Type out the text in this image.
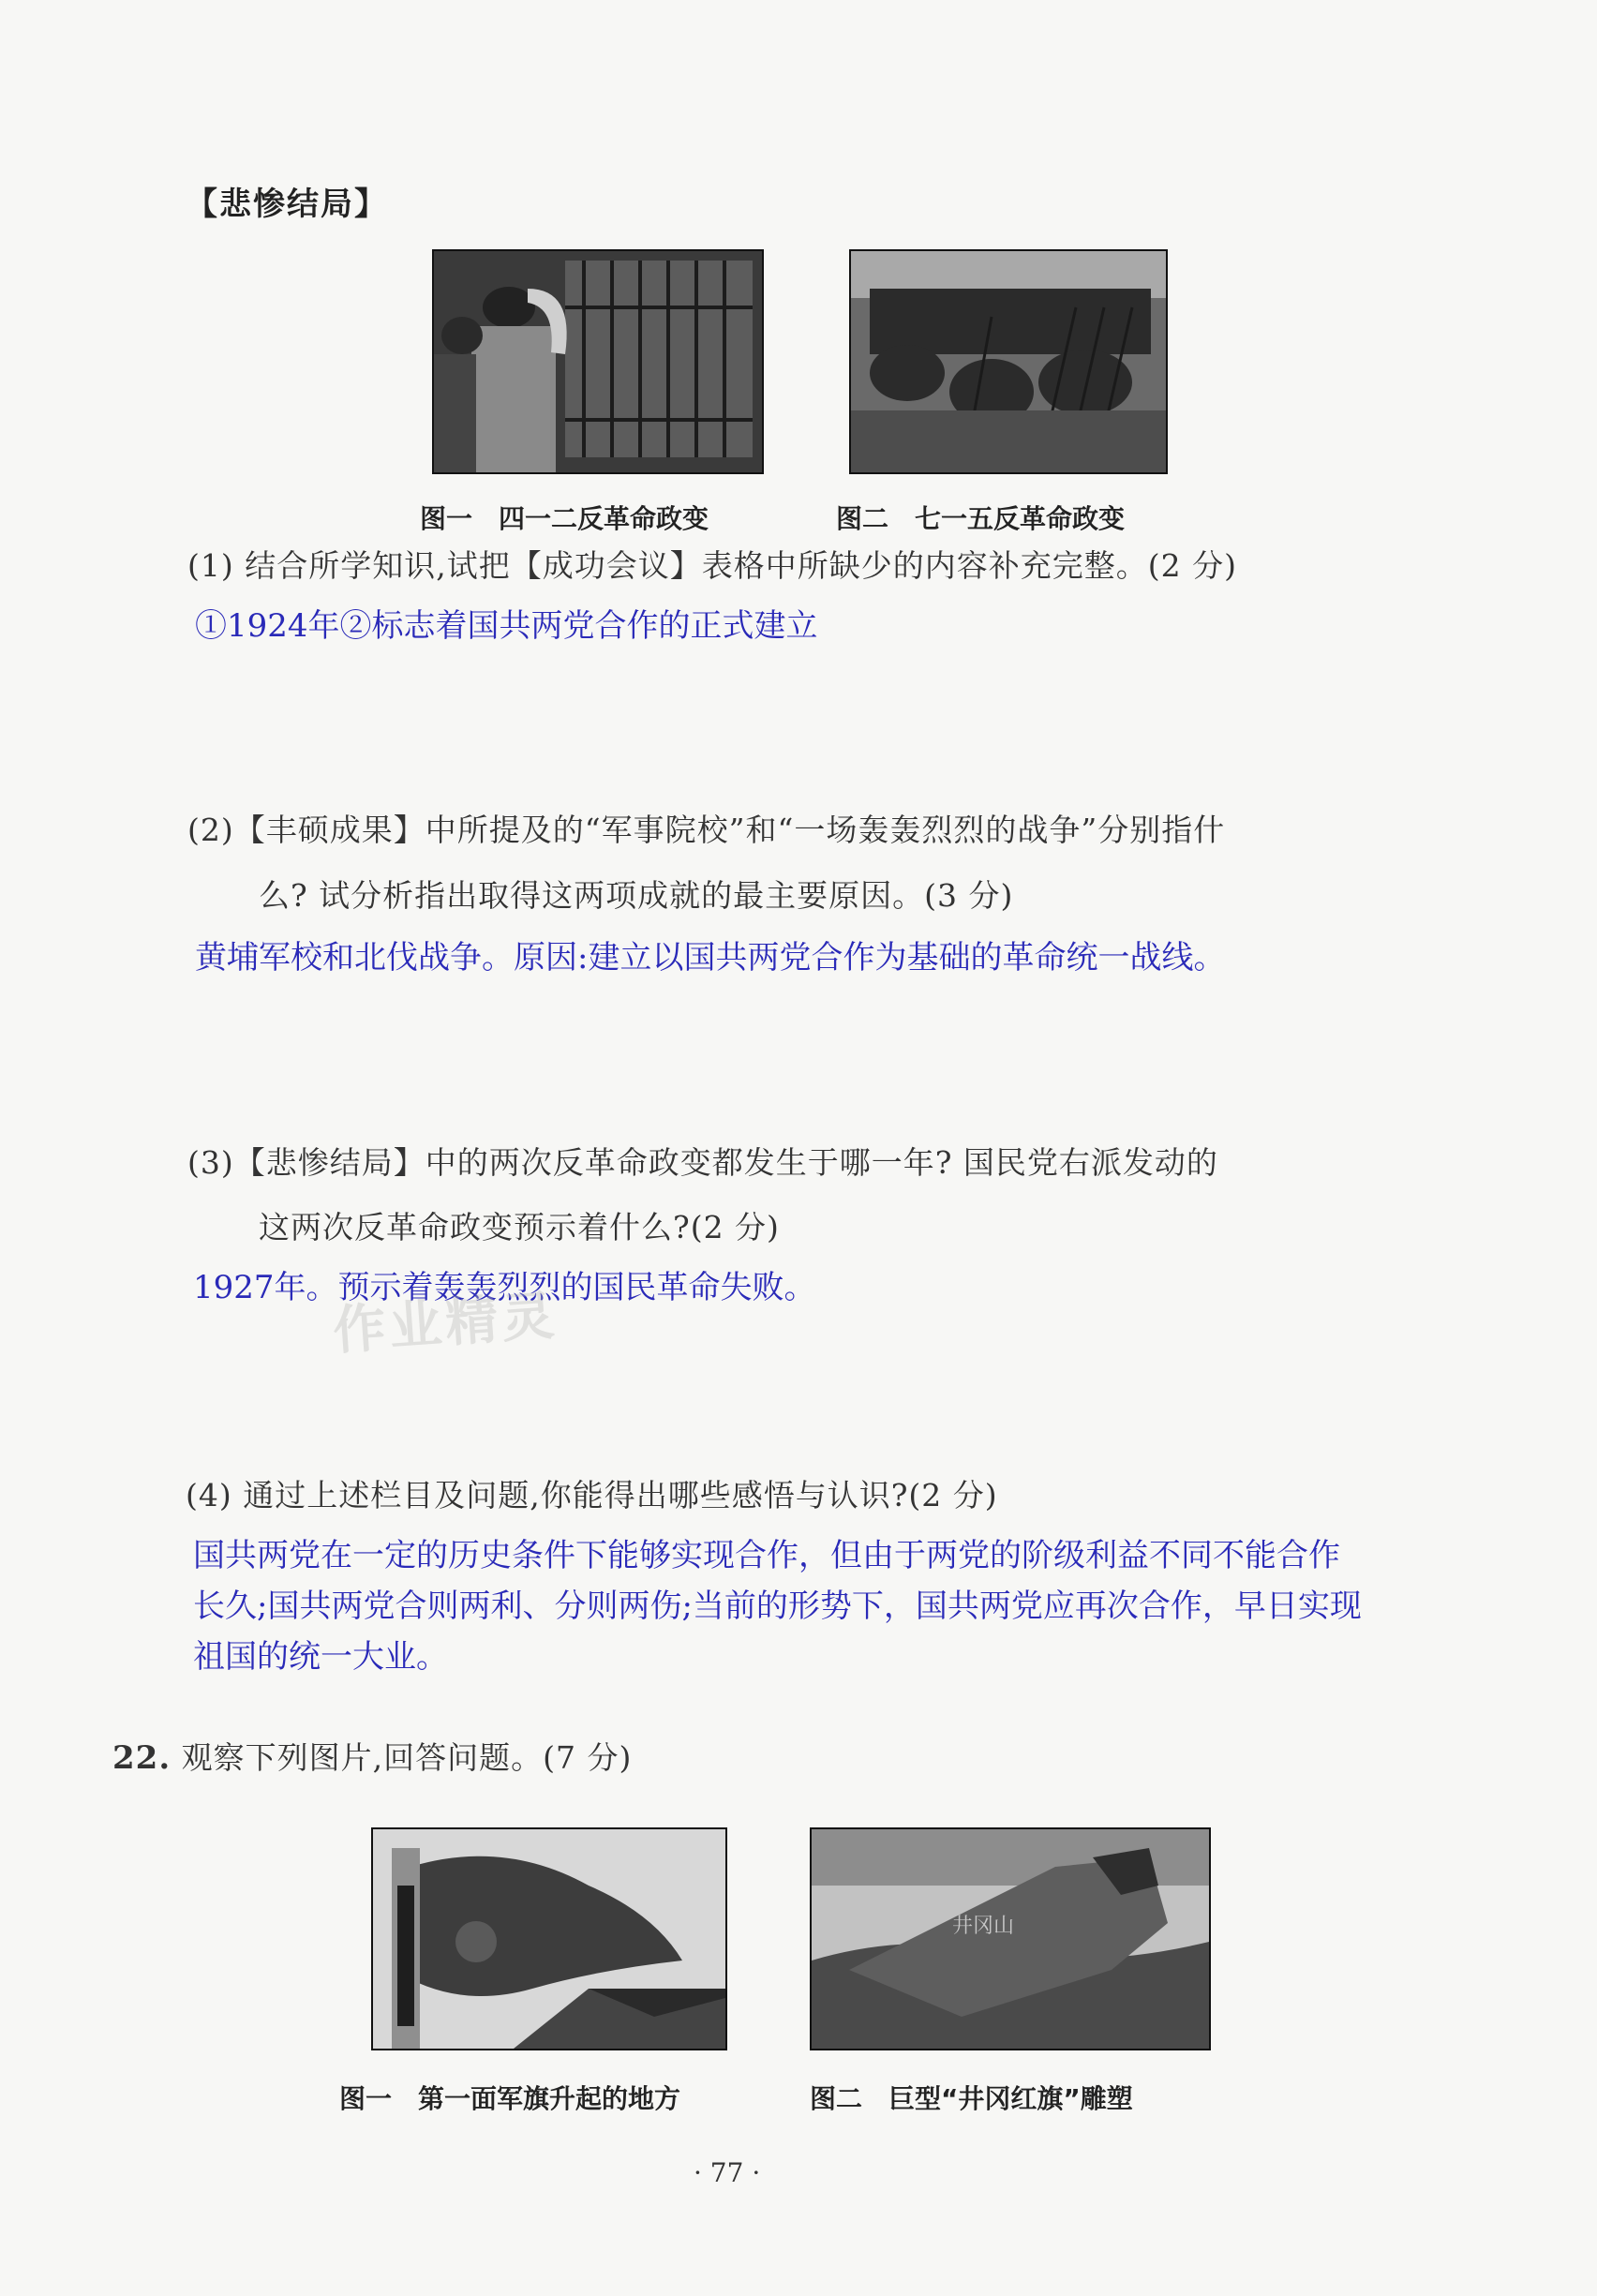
【悲惨结局】
图一　四一二反革命政变	图二　七一五反革命政变
(1) 结合所学知识,试把【成功会议】表格中所缺少的内容补充完整。(2 分)
①1924年②标志着国共两党合作的正式建立
(2)【丰硕成果】中所提及的“军事院校”和“一场轰轰烈烈的战争”分别指什
么? 试分析指出取得这两项成就的最主要原因。(3 分)
黄埔军校和北伐战争。原因:建立以国共两党合作为基础的革命统一战线。
(3)【悲惨结局】中的两次反革命政变都发生于哪一年? 国民党右派发动的
这两次反革命政变预示着什么?(2 分)
1927年。预示着轰轰烈烈的国民革命失败。
作业精灵
(4) 通过上述栏目及问题,你能得出哪些感悟与认识?(2 分)
国共两党在一定的历史条件下能够实现合作，但由于两党的阶级利益不同不能合作
长久;国共两党合则两利、分则两伤;当前的形势下，国共两党应再次合作，早日实现
祖国的统一大业。
22. 观察下列图片,回答问题。(7 分)
井冈山
图一　第一面军旗升起的地方	图二　巨型“井冈红旗”雕塑
· 77 ·
